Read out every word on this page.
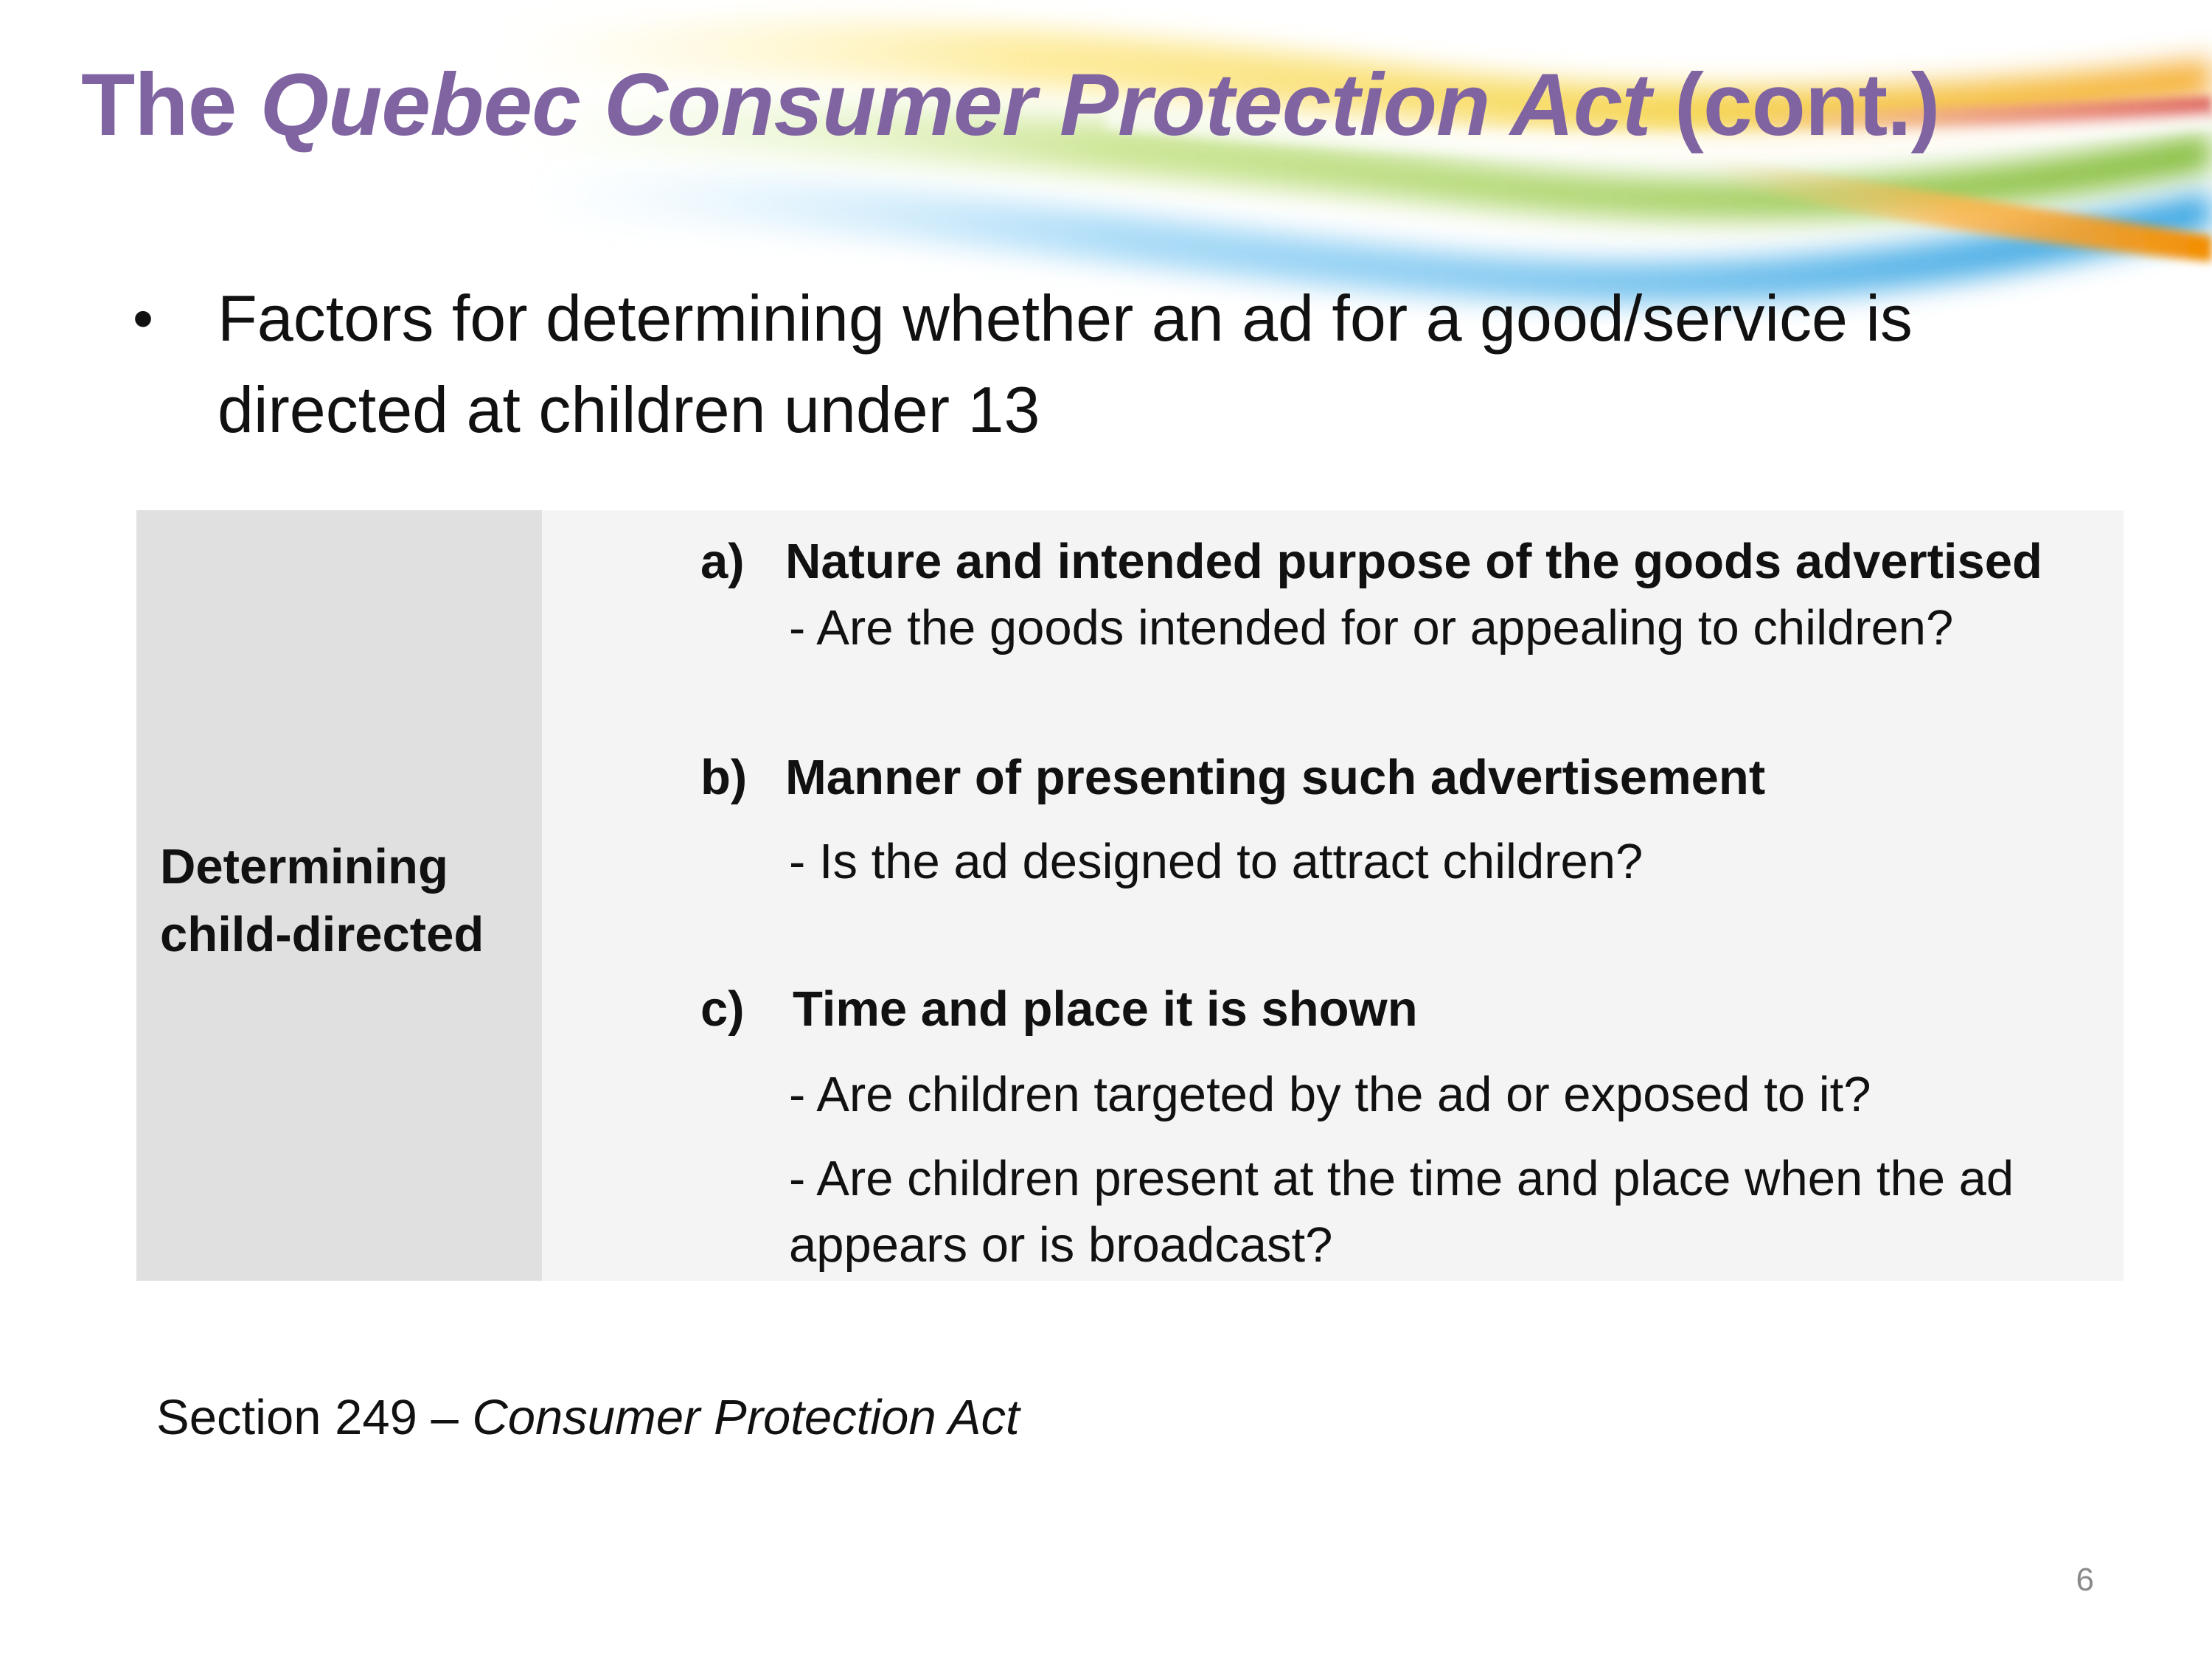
The Quebec Consumer Protection Act (cont.)
• Factors for determining whether an ad for a good/service is directed at children under 13
Determining child-directed
a) Nature and intended purpose of the goods advertised
- Are the goods intended for or appealing to children?
b) Manner of presenting such advertisement
- Is the ad designed to attract children?
c) Time and place it is shown
- Are children targeted by the ad or exposed to it?
- Are children present at the time and place when the ad appears or is broadcast?
Section 249 – Consumer Protection Act
6
